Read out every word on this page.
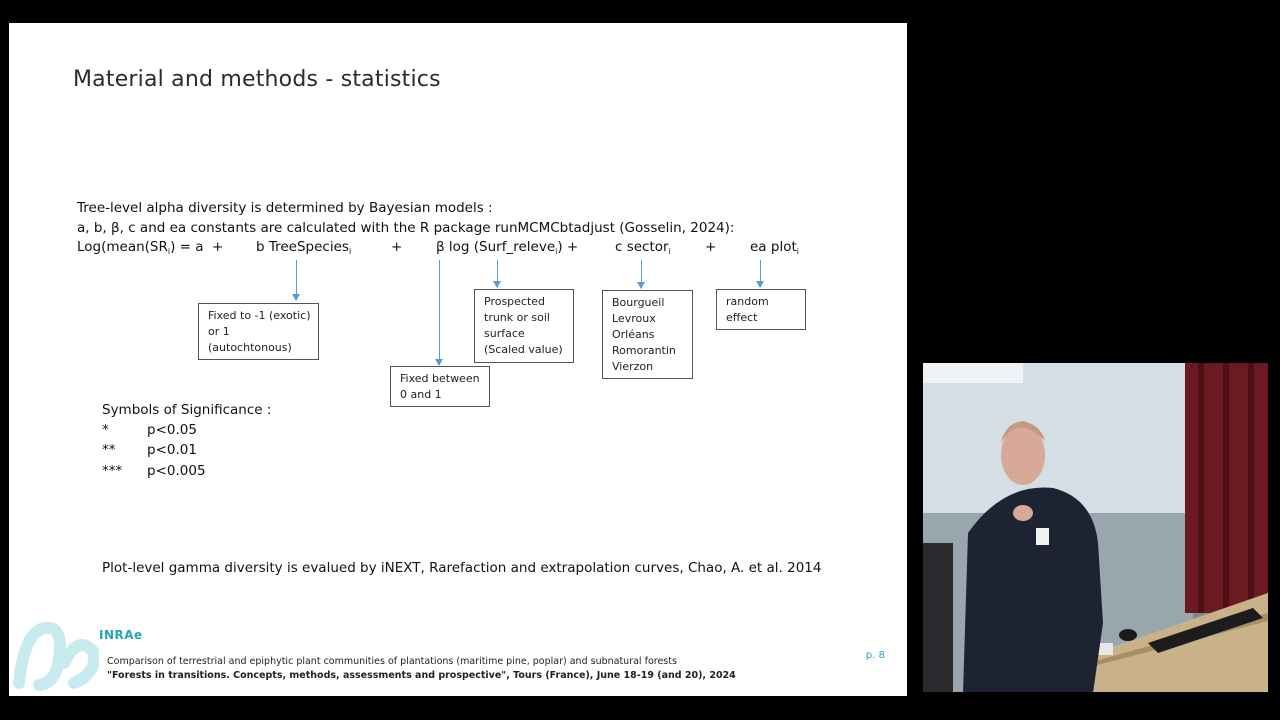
Material and methods - statistics
Tree-level alpha diversity is determined by Bayesian models :
a, b, β, c and ea constants are calculated with the R package runMCMCbtadjust (Gosselin, 2024):
$Log(mean(SR_i) = a + b$ TreeSpecies$_i$	+ β log (Surf_releve$_i$) +	c sector$_i$	+ ea plot$_i$
Fixed to -1 (exotic)
or 1
(autochtonous)
Fixed between
0 and 1
Prospected
trunk or soil
surface
(Scaled value)
Bourgueil
Levroux
Orléans
Romorantin
Vierzon
random
effect
Symbols of Significance :
*	p<0.05
** p<0.01
*** p<0.005
Plot-level gamma diversity is evalued by iNEXT, Rarefaction and extrapolation curves, Chao, A. et al. 2014
INRAe
Comparison of terrestrial and epiphytic plant communities of plantations (maritime pine, poplar) and subnatural forests
"Forests in transitions. Concepts, methods, assessments and prospective", Tours (France), June 18-19 (and 20), 2024
p. 8
